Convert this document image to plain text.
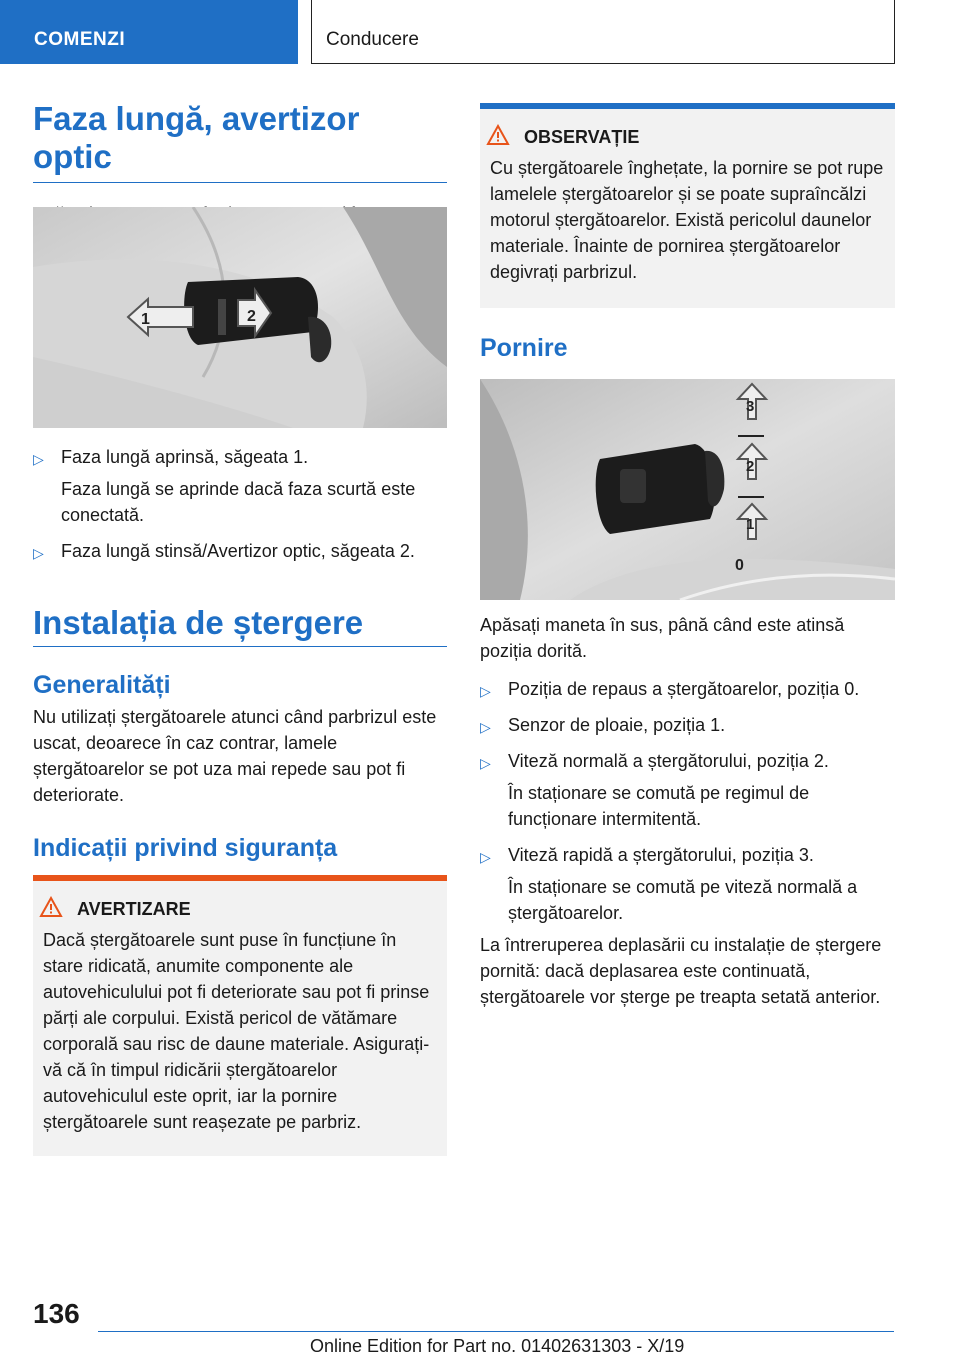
COMENZI	Conducere
Faza lungă, avertizor optic

2
1
▷ Faza lungă aprinsă, săgeata 1.
Faza lungă se aprinde dacă faza scurtă este conectată.
▷ Faza lungă stinsă/Avertizor optic, săgeata 2.
Instalația de ștergere
Generalități

Nu utilizați ștergătoarele atunci când parbrizul este uscat, deoarece în caz contrar, lamele ștergătoarelor se pot uza mai repede sau pot fi deteriorate.

Indicații privind siguranța
AVERTIZARE

Dacă ștergătoarele sunt puse în funcțiune în stare ridicată, anumite componente ale autovehiculului pot fi deteriorate sau pot fi prinse părți ale corpului. Există pericol de vătămare corporală sau risc de daune materiale. Asigurați-vă că în timpul ridicării ștergătoarelor autovehiculul este oprit, iar la pornire ștergătoarele sunt reașezate pe parbriz.

OBSERVAȚIE

Cu ștergătoarele înghețate, la pornire se pot rupe lamelele ștergătoarelor și se poate supraîncălzi motorul ștergătoarelor. Există pericolul daunelor materiale. Înainte de pornirea ștergătoarelor degivrați parbrizul.

Pornire
3
2
1
0

Apăsați maneta în sus, până când este atinsă poziția dorită.

▷ Poziția de repaus a ștergătoarelor, poziția 0.
▷ Senzor de ploaie, poziția 1.
▷ Viteză normală a ștergătorului, poziția 2.
În staționare se comută pe regimul de funcționare intermitentă.
▷ Viteză rapidă a ștergătorului, poziția 3.
În staționare se comută pe viteză normală a ștergătoarelor.

La întreruperea deplasării cu instalație de ștergere pornită: dacă deplasarea este continuată, ștergătoarele vor șterge pe treapta setată anterior.

136
Online Edition for Part no. 01402631303 - X/19
